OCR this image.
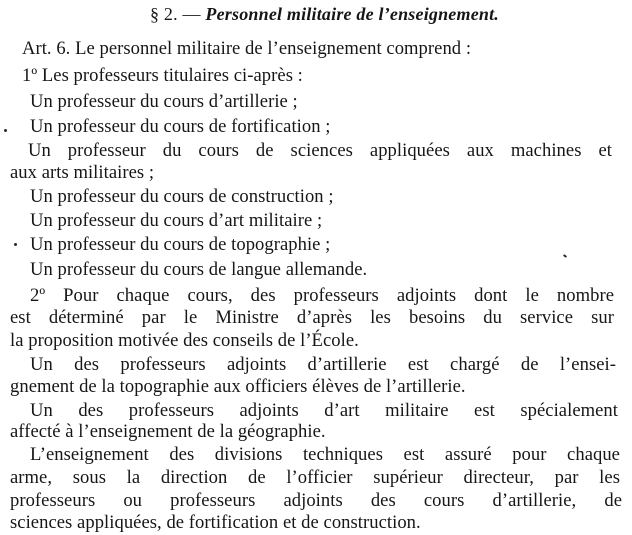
§ 2. — Personnel militaire de l’enseignement.
Art. 6. Le personnel militaire de l’enseignement comprend :
1º Les professeurs titulaires ci-après :
Un professeur du cours d’artillerie ;
Un professeur du cours de fortification ;
Un professeur du cours de sciences appliquées aux machines et
aux arts militaires ;
Un professeur du cours de construction ;
Un professeur du cours d’art militaire ;
Un professeur du cours de topographie ;
Un professeur du cours de langue allemande.
2º Pour chaque cours, des professeurs adjoints dont le nombre
est déterminé par le Ministre d’après les besoins du service sur
la proposition motivée des conseils de l’École.
Un des professeurs adjoints d’artillerie est chargé de l’ensei-
gnement de la topographie aux officiers élèves de l’artillerie.
Un des professeurs adjoints d’art militaire est spécialement
affecté à l’enseignement de la géographie.
L’enseignement des divisions techniques est assuré pour chaque
arme, sous la direction de l’officier supérieur directeur, par les
professeurs ou professeurs adjoints des cours d’artillerie, de
sciences appliquées, de fortification et de construction.
